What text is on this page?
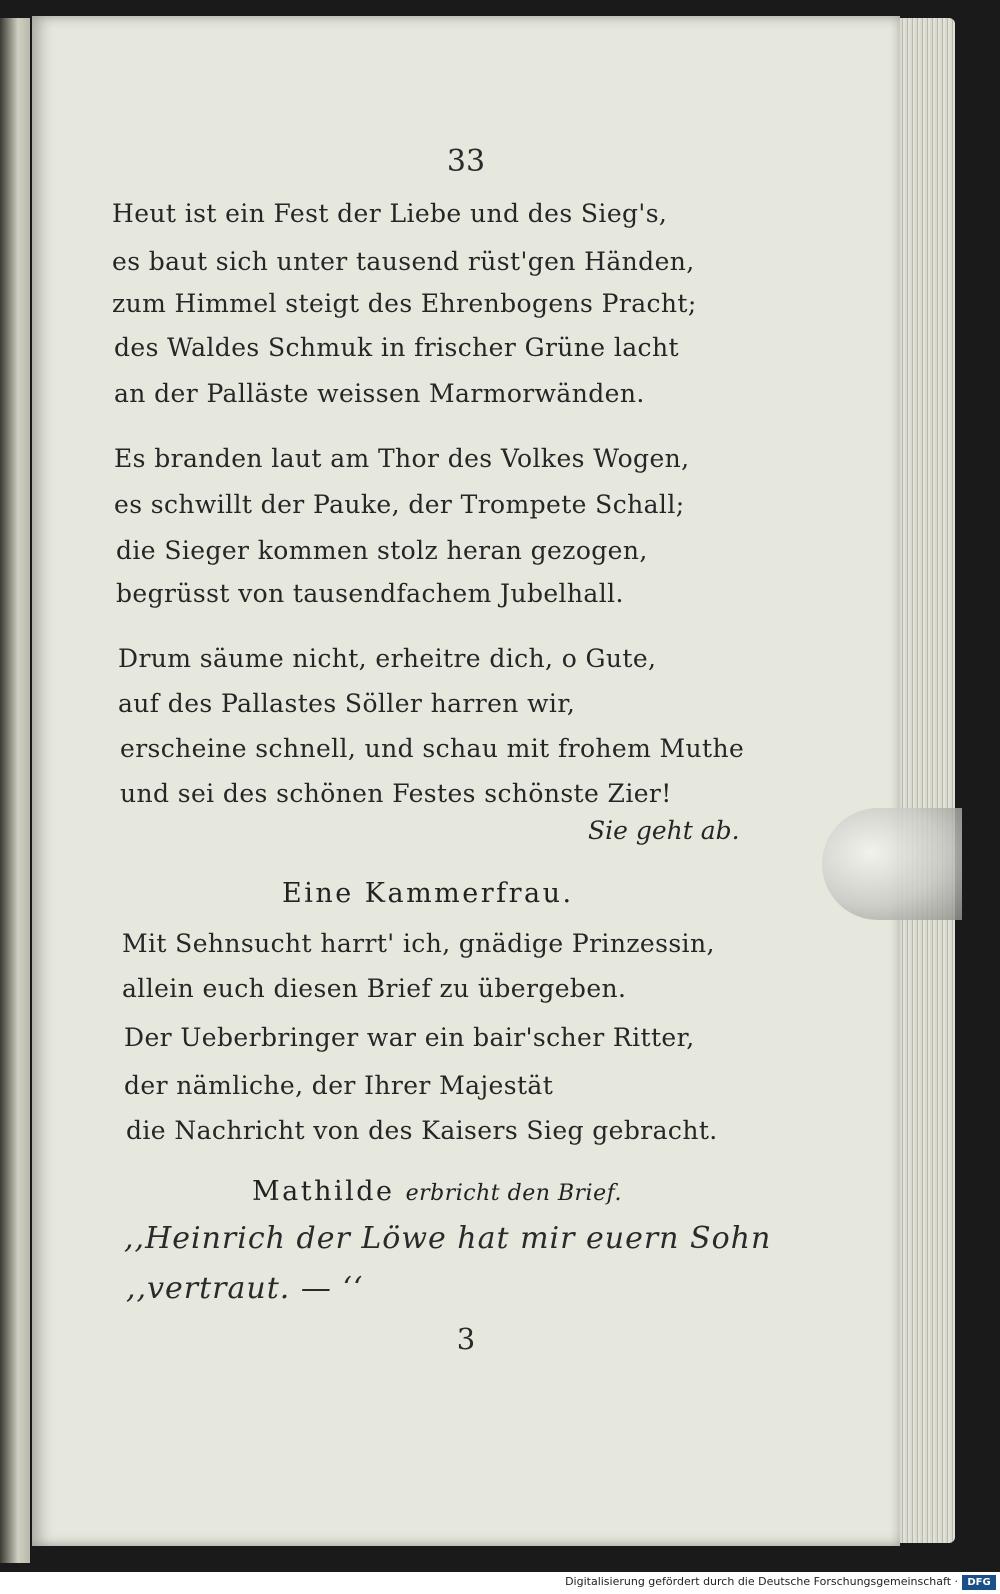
33
Heut ist ein Fest der Liebe und des Sieg's,
es baut sich unter tausend rüst'gen Händen,
zum Himmel steigt des Ehrenbogens Pracht;
des Waldes Schmuk in frischer Grüne lacht
an der Palläste weissen Marmorwänden.
Es branden laut am Thor des Volkes Wogen,
es schwillt der Pauke, der Trompete Schall;
die Sieger kommen stolz heran gezogen,
begrüsst von tausendfachem Jubelhall.
Drum säume nicht, erheitre dich, o Gute,
auf des Pallastes Söller harren wir,
erscheine schnell, und schau mit frohem Muthe
und sei des schönen Festes schönste Zier!
Sie geht ab.
Eine Kammerfrau.
Mit Sehnsucht harrt' ich, gnädige Prinzessin,
allein euch diesen Brief zu übergeben.
Der Ueberbringer war ein bair'scher Ritter,
der nämliche, der Ihrer Majestät
die Nachricht von des Kaisers Sieg gebracht.
Mathilde erbricht den Brief.
,,Heinrich der Löwe hat mir euern Sohn
,,vertraut. — ‘‘
3
Digitalisierung gefördert durch die Deutsche Forschungsgemeinschaft · DFG
